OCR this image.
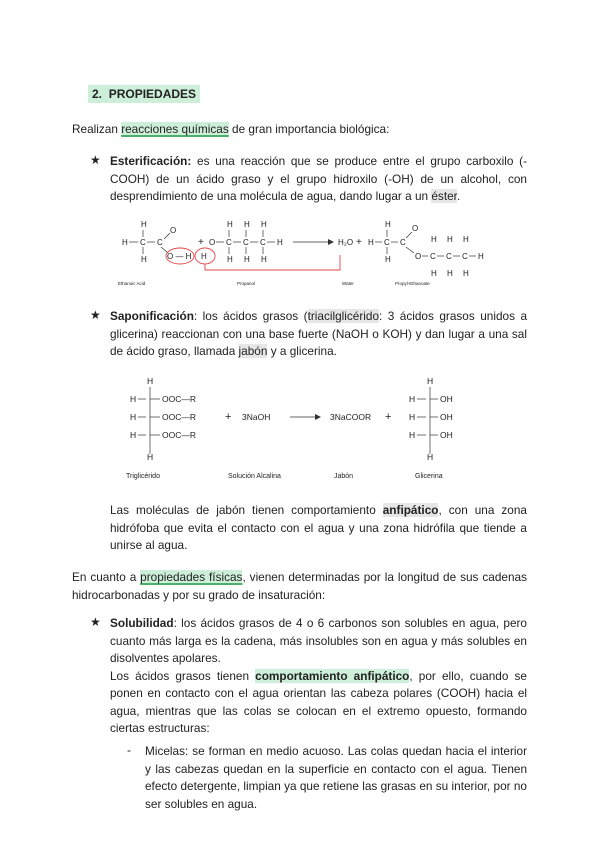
2. PROPIEDADES
Realizan reacciones químicas de gran importancia biológica:
★ Esterificación: es una reacción que se produce entre el grupo carboxilo (-COOH) de un ácido graso y el grupo hidroxilo (-OH) de un alcohol, con desprendimiento de una molécula de agua, dando lugar a un éster.
H
H C C
H
O
O — H
+ O C C C H
H H H
H H H
H
H₂O + H C C
H
H
O
O C C C H
H H H
H H H
Ethanoic Acid	Propanol	Water	Propyl-Ethanoate
★ Saponificación: los ácidos grasos (triacilglicérido: 3 ácidos grasos unidos a glicerina) reaccionan con una base fuerte (NaOH o KOH) y dan lugar a una sal de ácido graso, llamada jabón y a glicerina.
H
H
H
H
OOC—R
OOC—R
OOC—R
H
+ 3NaOH	3NaCOOR +
H
H
H
H
OH
OH
OH
H
Triglicérido	Solución Alcalina	Jabón	Glicerina
Las moléculas de jabón tienen comportamiento anfipático, con una zona hidrófoba que evita el contacto con el agua y una zona hidrófila que tiende a unirse al agua.
En cuanto a propiedades físicas, vienen determinadas por la longitud de sus cadenas hidrocarbonadas y por su grado de insaturación:
★ Solubilidad: los ácidos grasos de 4 o 6 carbonos son solubles en agua, pero cuanto más larga es la cadena, más insolubles son en agua y más solubles en disolventes apolares.
Los ácidos grasos tienen comportamiento anfipático, por ello, cuando se ponen en contacto con el agua orientan las cabeza polares (COOH) hacia el agua, mientras que las colas se colocan en el extremo opuesto, formando ciertas estructuras:
- Micelas: se forman en medio acuoso. Las colas quedan hacia el interior y las cabezas quedan en la superficie en contacto con el agua. Tienen efecto detergente, limpian ya que retiene las grasas en su interior, por no ser solubles en agua.
